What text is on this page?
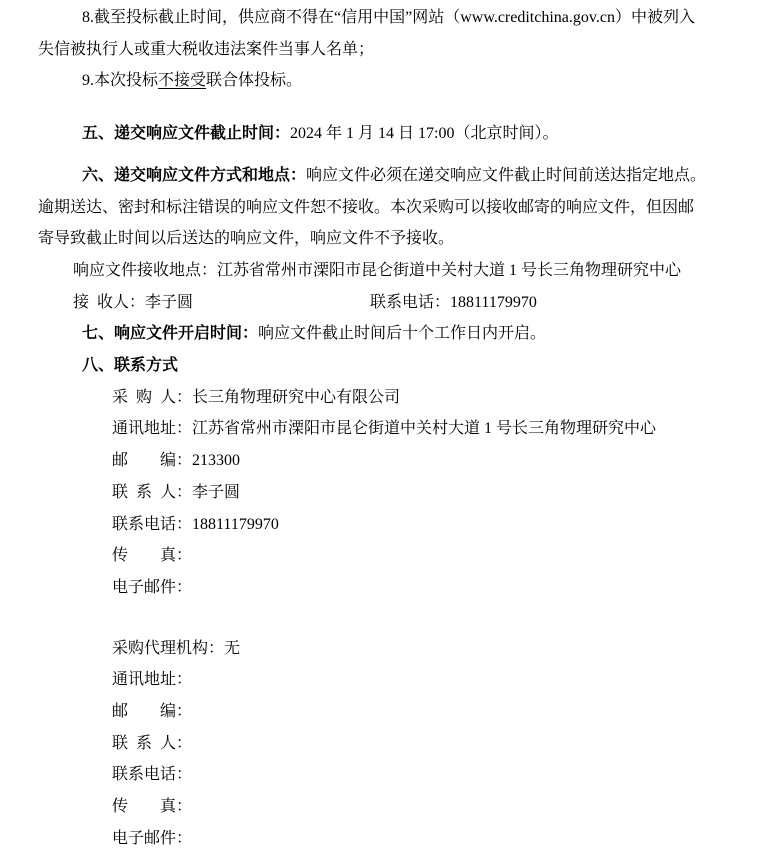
8.截至投标截止时间，供应商不得在“信用中国”网站（www.creditchina.gov.cn）中被列入
失信被执行人或重大税收违法案件当事人名单；
9.本次投标不接受联合体投标。
五、递交响应文件截止时间：2024 年 1 月 14 日 17:00（北京时间）。
六、递交响应文件方式和地点：响应文件必须在递交响应文件截止时间前送达指定地点。
逾期送达、密封和标注错误的响应文件恕不接收。本次采购可以接收邮寄的响应文件，但因邮
寄导致截止时间以后送达的响应文件，响应文件不予接收。
响应文件接收地点：江苏省常州市溧阳市昆仑街道中关村大道 1 号长三角物理研究中心
接 收人：李子圆	联系电话：18811179970
七、响应文件开启时间：响应文件截止时间后十个工作日内开启。
八、联系方式
采 购 人：长三角物理研究中心有限公司
通讯地址：江苏省常州市溧阳市昆仑街道中关村大道 1 号长三角物理研究中心
邮　　编：213300
联 系 人：李子圆
联系电话：18811179970
传　　真：
电子邮件：
采购代理机构：无
通讯地址：
邮　　编：
联 系 人：
联系电话：
传　　真：
电子邮件：
